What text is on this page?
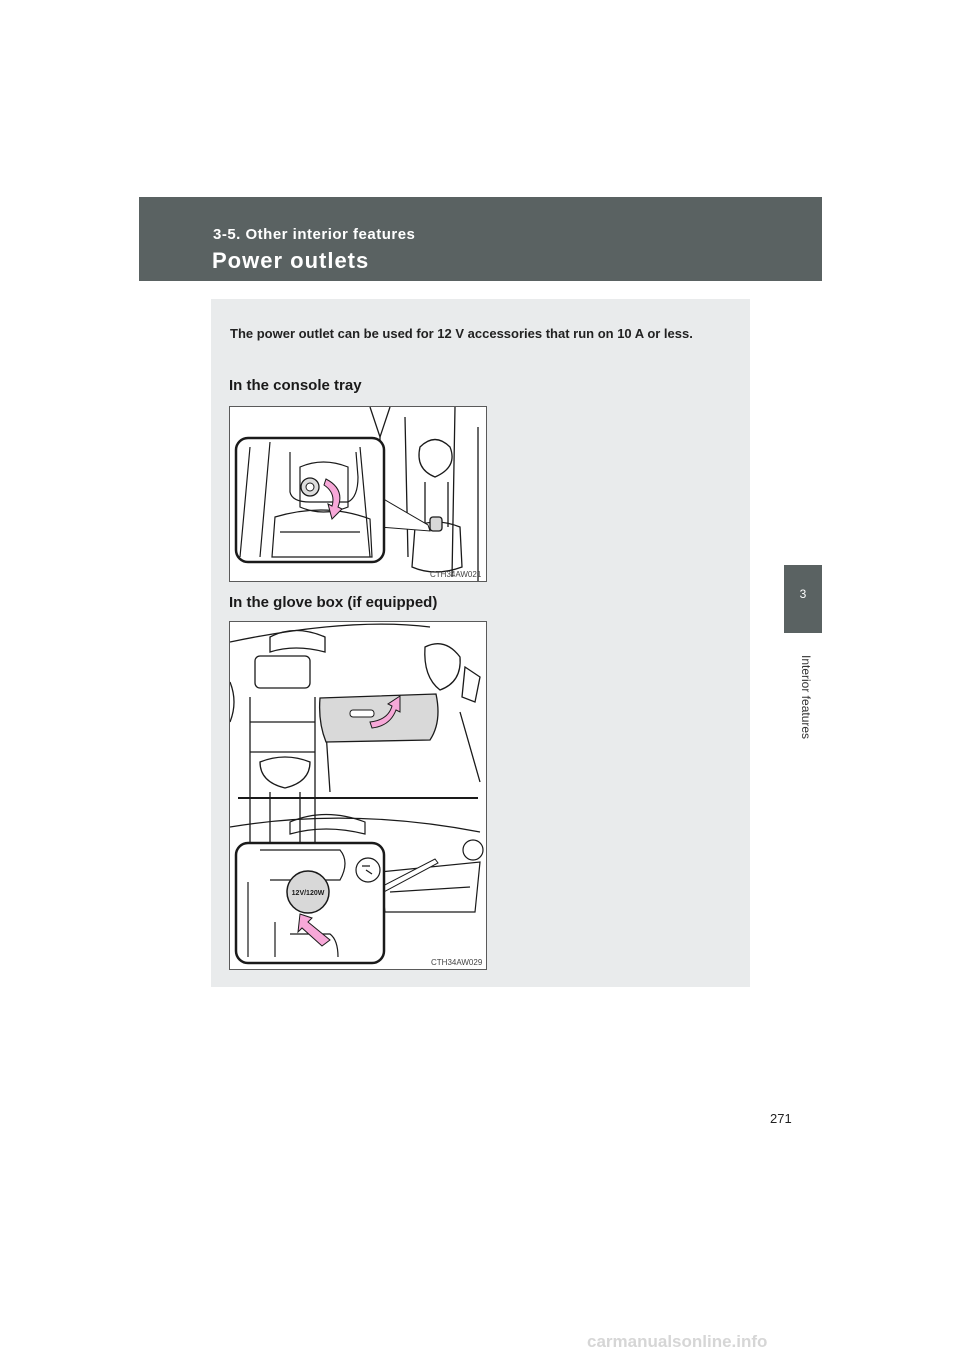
3-5. Other interior features
Power outlets
3
Interior features
The power outlet can be used for 12 V accessories that run on 10 A or less.
In the console tray
CTH34AW021
In the glove box (if equipped)
12V/120W
CTH34AW029
271
carmanualsonline.info
